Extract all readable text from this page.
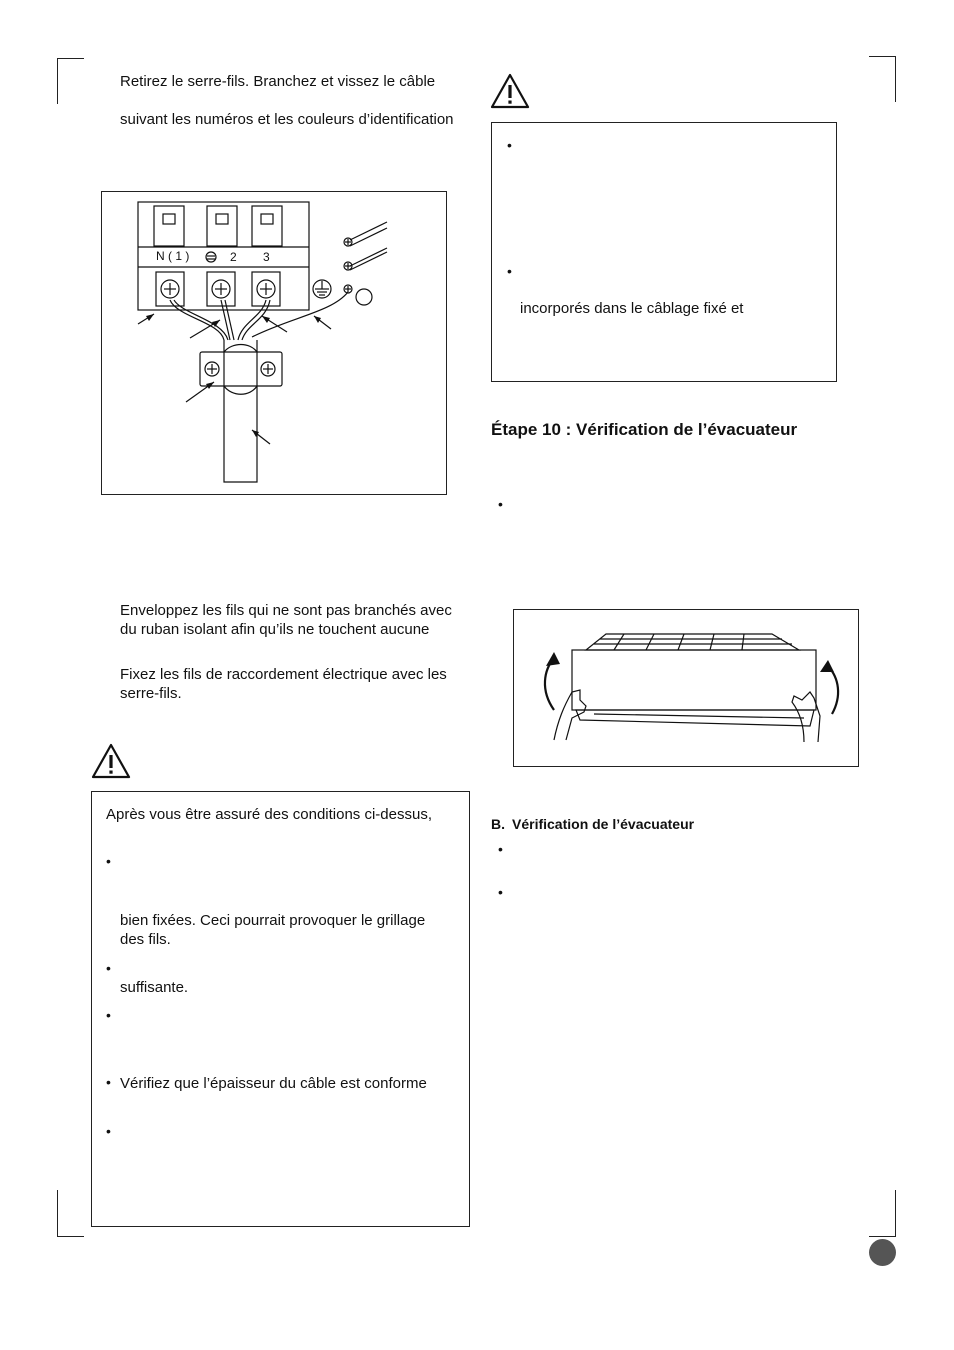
Retirez le serre-fils. Branchez et vissez le câble
suivant les numéros et les couleurs d’identification
N ( 1 )	2 3
Enveloppez les fils qui ne sont pas branchés avec
du ruban isolant afin qu’ils ne touchent aucune
Fixez les fils de raccordement électrique avec les
serre-fils.
Après vous être assuré des conditions ci-dessus,
•
bien fixées. Ceci pourrait provoquer le grillage
des fils.
•
suffisante.
•
• Vérifiez que l’épaisseur du câble est conforme
•
•
•
incorporés dans le câblage fixé et
Étape 10 : Vérification de l’évacuateur
•
B. Vérification de l’évacuateur
•
•
